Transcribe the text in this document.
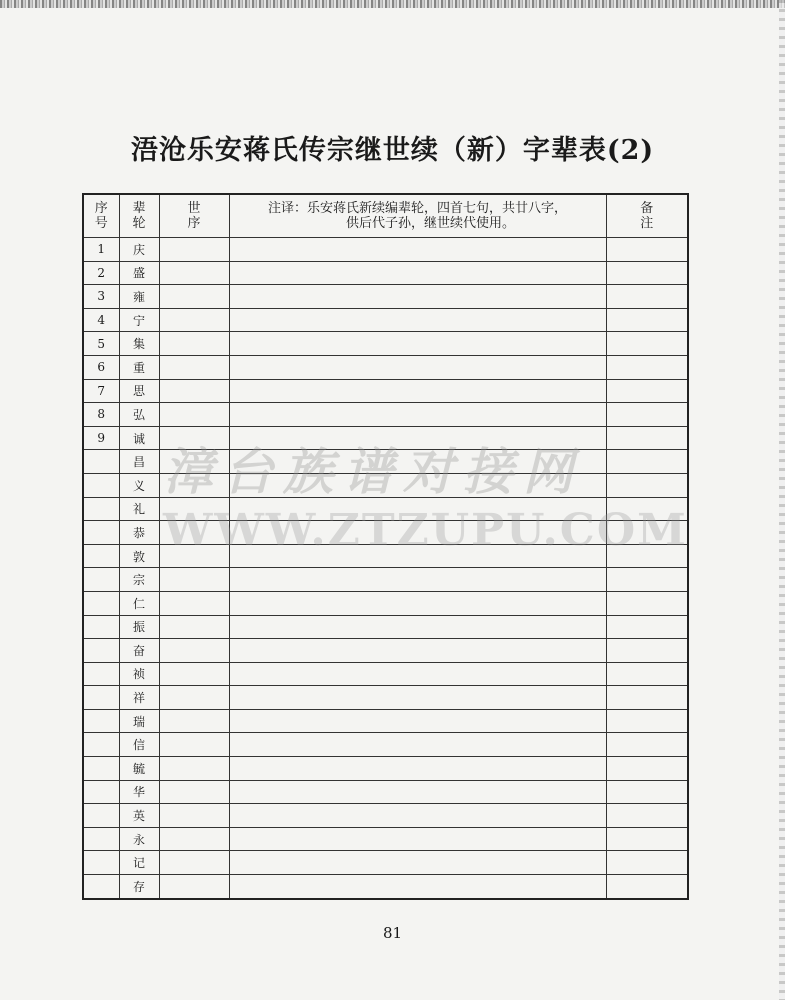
浯沧乐安蒋氏传宗继世续（新）字辈表(2)
序号	辈轮	世序	注译：乐安蒋氏新续编辈轮，四首七句，共廿八字，
供后代子孙，继世续代使用。	备注
1	庆			
2	盛			
3	雍			
4	宁			
5	集			
6	重			
7	思			
8	弘			
9	诚			
	昌			
	义			
	礼			
	恭			
	敦			
	宗			
	仁			
	振			
	奋			
	祯			
	祥			
	瑞			
	信			
	毓			
	华			
	英			
	永			
	记			
	存			
漳台族谱对接网
WWW.ZTZUPU.COM
81
